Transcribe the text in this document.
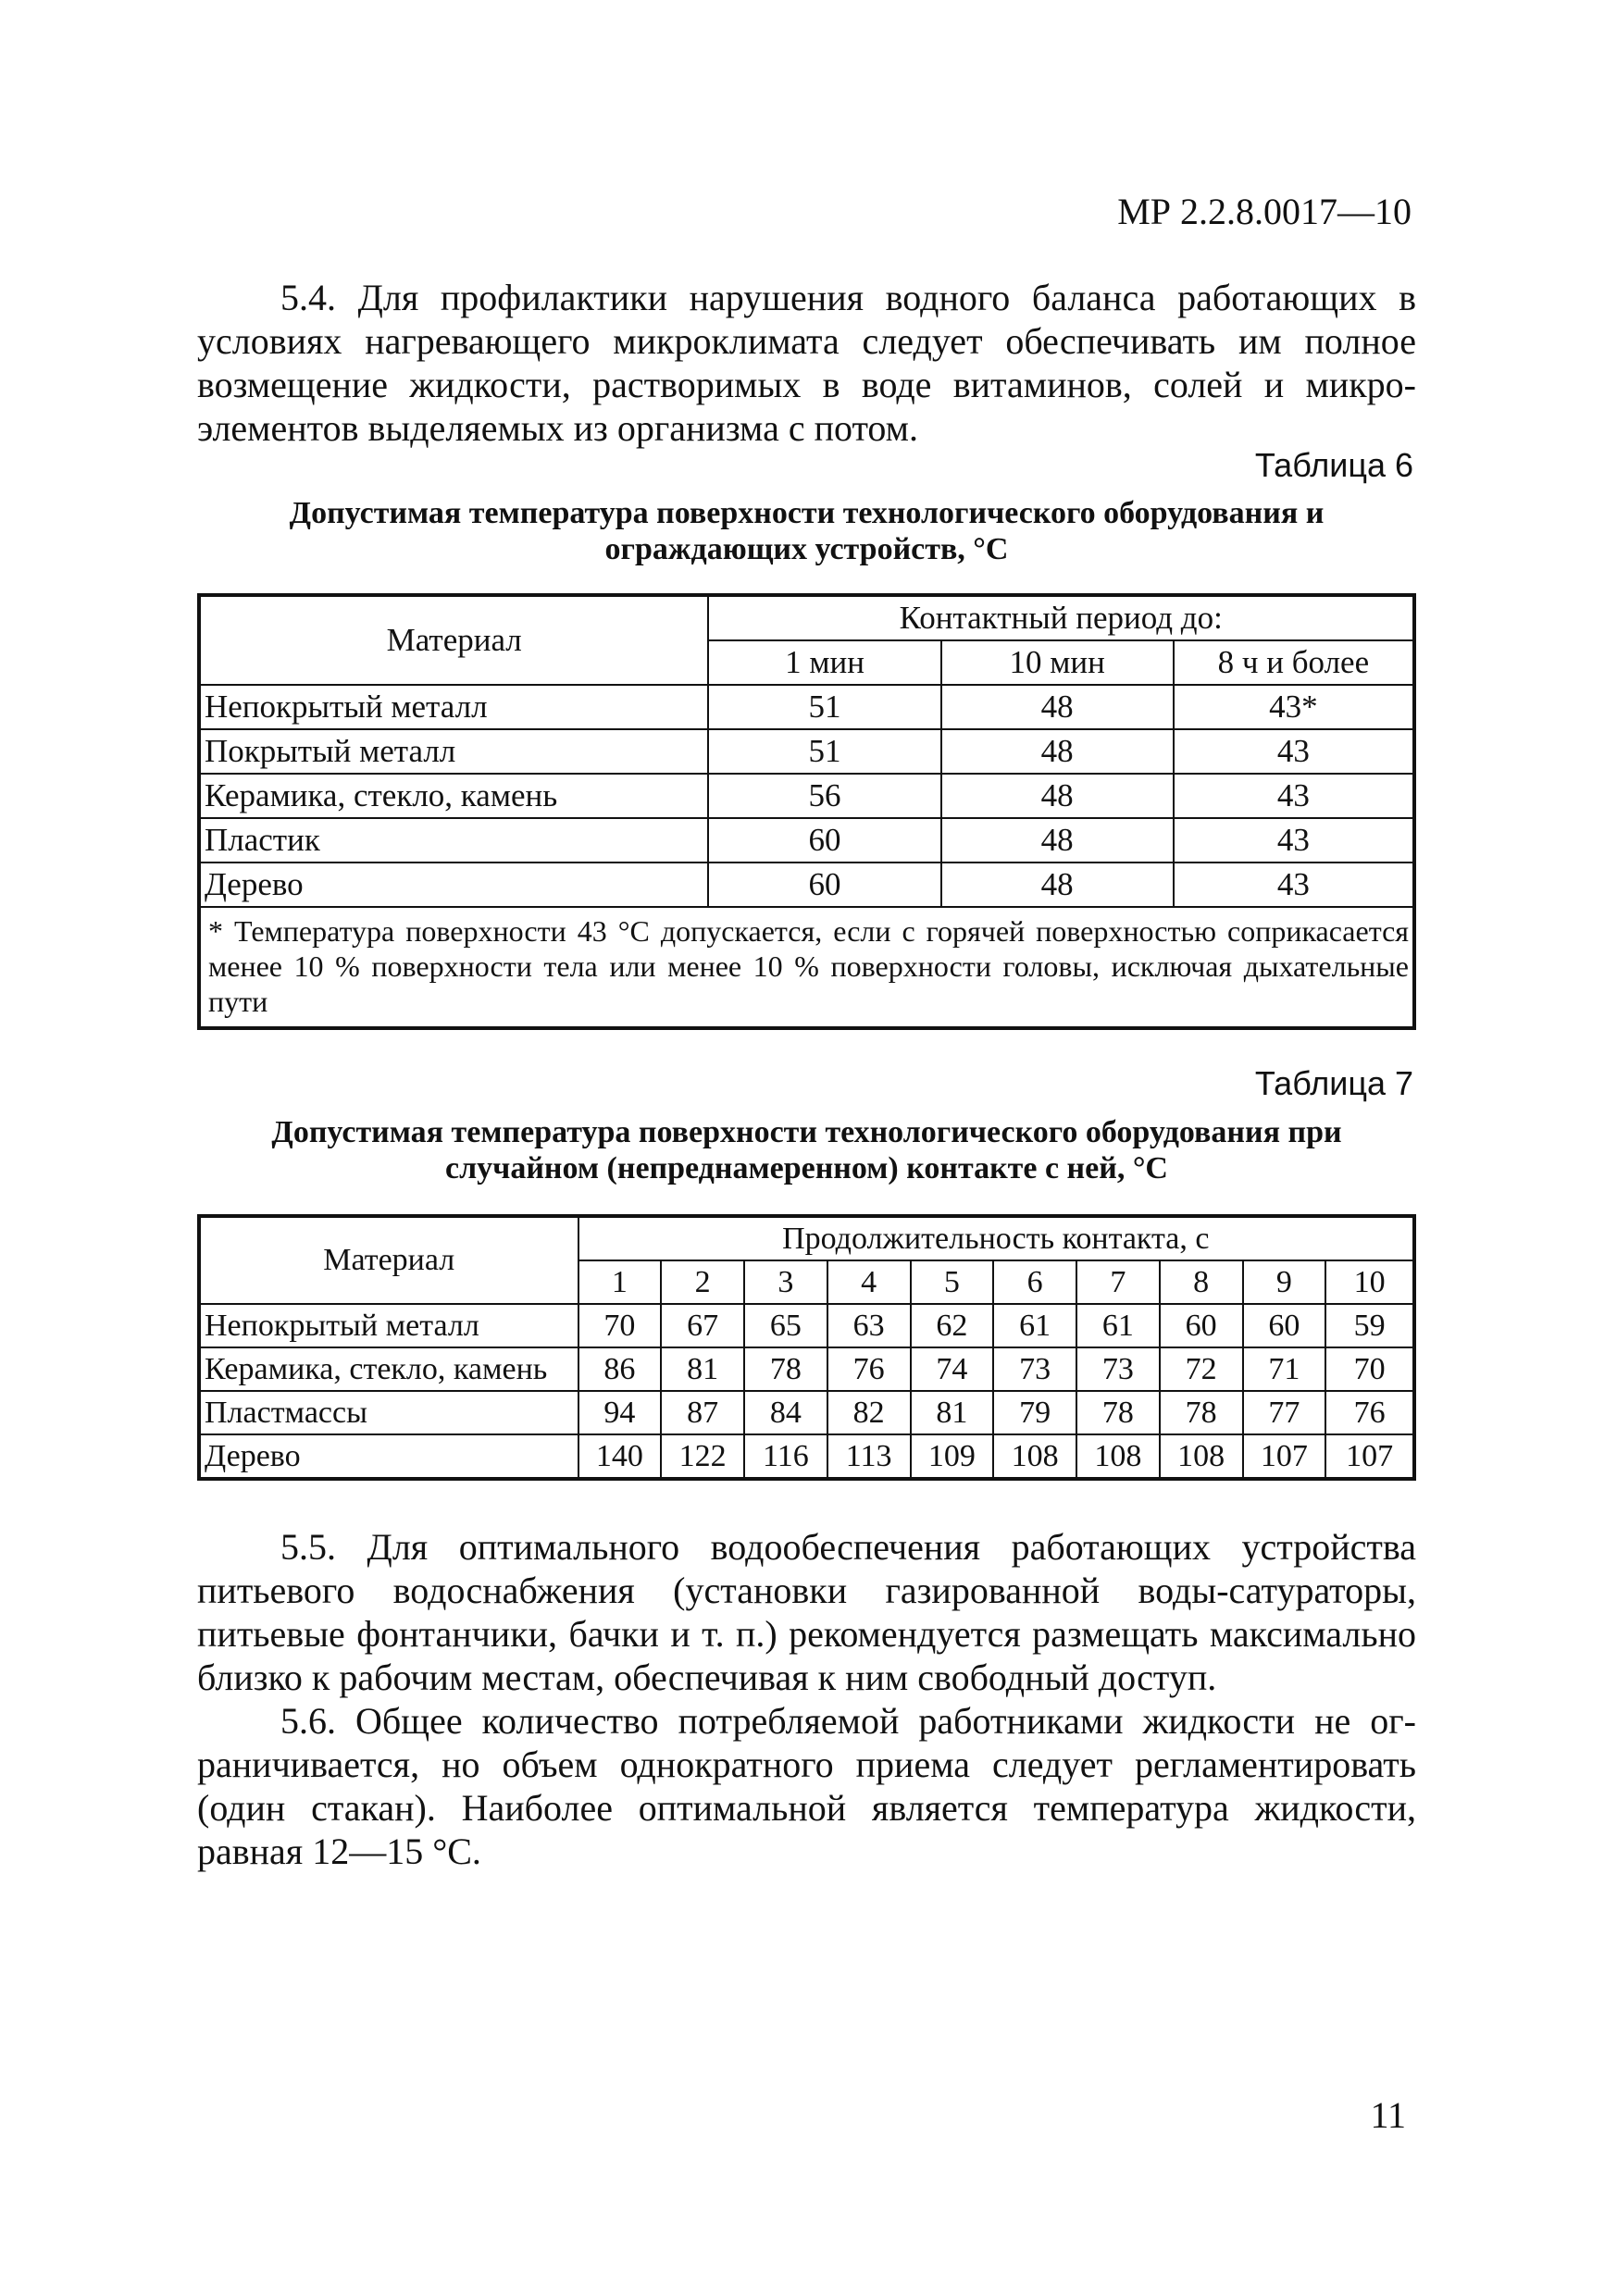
МР 2.2.8.0017—10

5.4. Для профилактики нарушения водного баланса работающих в условиях нагревающего микроклимата следует обеспечивать им полное возмещение жидкости, растворимых в воде витаминов, солей и микроэлементов выделяемых из организма с потом.

Таблица 6
Допустимая температура поверхности технологического оборудования и ограждающих устройств, °С
Материал	Контактный период до:		
	1 мин	10 мин	8 ч и более
Непокрытый металл	51	48	43*
Покрытый металл	51	48	43
Керамика, стекло, камень	56	48	43
Пластик	60	48	43
Дерево	60	48	43
* Температура поверхности 43 °С допускается, если с горячей поверхностью соприкасается менее 10 % поверхности тела или менее 10 % поверхности головы, исключая дыхательные пути			
Таблица 7
Допустимая температура поверхности технологического оборудования при случайном (непреднамеренном) контакте с ней, °С
Материал	Продолжительность контакта, с									
	1	2	3	4	5	6	7	8	9	10
Непокрытый металл	70	67	65	63	62	61	61	60	60	59
Керамика, стекло, камень	86	81	78	76	74	73	73	72	71	70
Пластмассы	94	87	84	82	81	79	78	78	77	76
Дерево	140	122	116	113	109	108	108	108	107	107

5.5. Для оптимального водообеспечения работающих устройства питьевого водоснабжения (установки газированной воды-сатураторы, питьевые фонтанчики, бачки и т. п.) рекомендуется размещать максимально близко к рабочим местам, обеспечивая к ним свободный доступ.

5.6. Общее количество потребляемой работниками жидкости не ограничивается, но объем однократного приема следует регламентировать (один стакан). Наиболее оптимальной является температура жидкости, равная 12—15 °С.

11
